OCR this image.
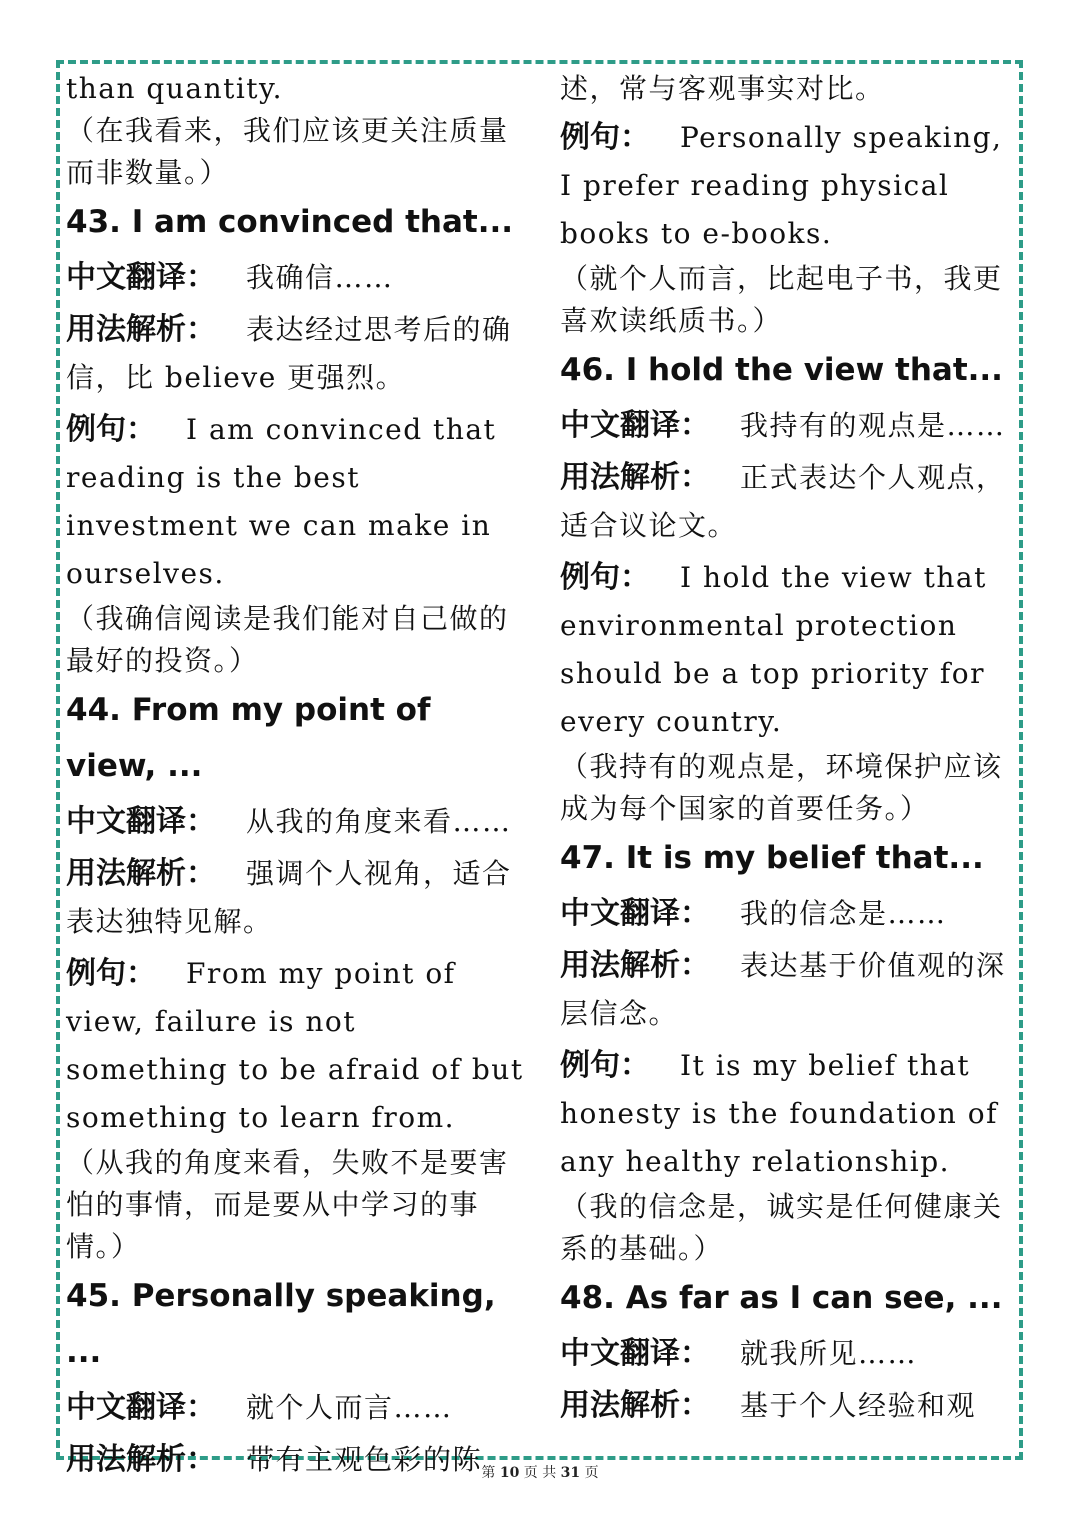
than quantity.

（在我看来，我们应该更关注质量而非数量。）

43. I am convinced that...

中文翻译： 我确信……

用法解析： 表达经过思考后的确信，比 believe 更强烈。

例句： I am convinced that reading is the best investment we can make in ourselves.

（我确信阅读是我们能对自己做的最好的投资。）

44. From my point of view, ...

中文翻译： 从我的角度来看……

用法解析： 强调个人视角，适合表达独特见解。

例句： From my point of view, failure is not something to be afraid of but something to learn from.

（从我的角度来看，失败不是要害怕的事情，而是要从中学习的事情。）

45. Personally speaking, ...

中文翻译： 就个人而言……

用法解析： 带有主观色彩的陈

述，常与客观事实对比。

例句： Personally speaking, I prefer reading physical books to e-books.

（就个人而言，比起电子书，我更喜欢读纸质书。）

46. I hold the view that...

中文翻译： 我持有的观点是……

用法解析： 正式表达个人观点，适合议论文。

例句： I hold the view that environmental protection should be a top priority for every country.

（我持有的观点是，环境保护应该成为每个国家的首要任务。）

47. It is my belief that...

中文翻译： 我的信念是……

用法解析： 表达基于价值观的深层信念。

例句： It is my belief that honesty is the foundation of any healthy relationship.

（我的信念是，诚实是任何健康关系的基础。）

48. As far as I can see, ...

中文翻译： 就我所见……

用法解析： 基于个人经验和观

第 10 页 共 31 页
